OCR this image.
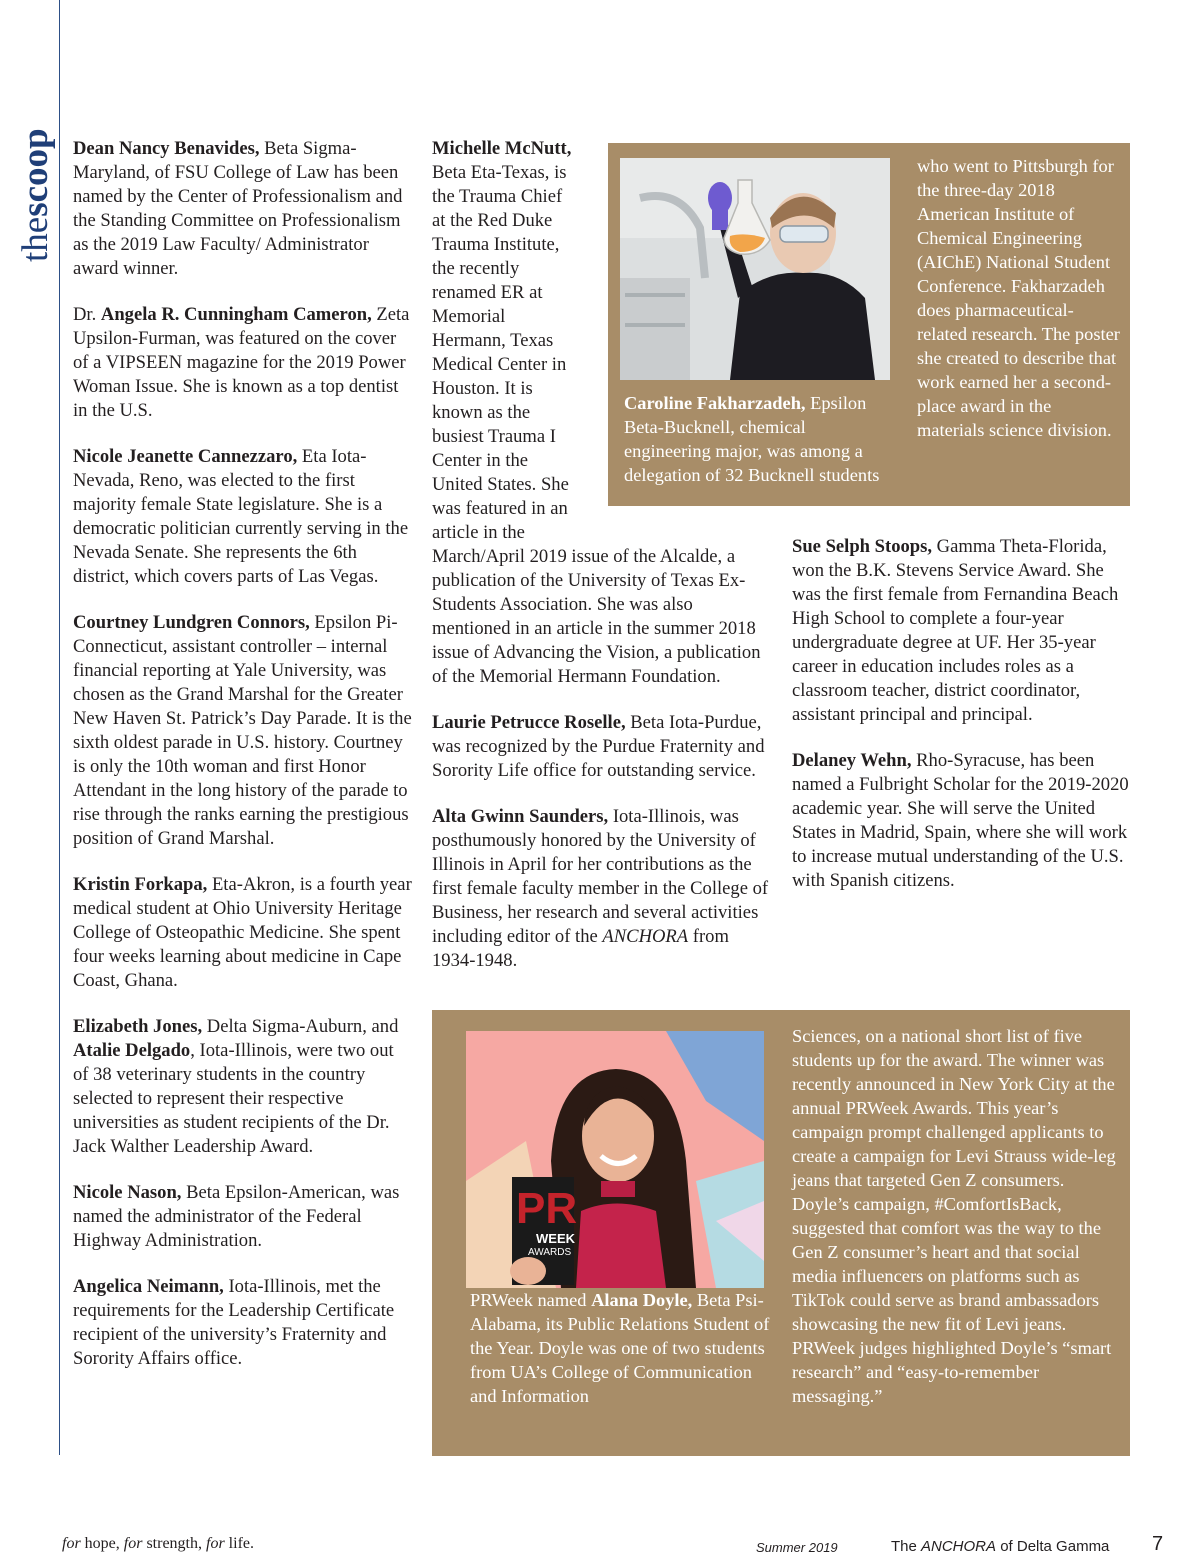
thescoop Dean Nancy Benavides, Beta Sigma-Maryland, of FSU College of Law has been named by the Center of Professionalism and the Standing Committee on Professionalism as the 2019 Law Faculty/ Administrator award winner.

Dr. Angela R. Cunningham Cameron, Zeta Upsilon-Furman, was featured on the cover of a VIPSEEN magazine for the 2019 Power Woman Issue. She is known as a top dentist in the U.S.

Nicole Jeanette Cannezzaro, Eta Iota-Nevada, Reno, was elected to the first majority female State legislature. She is a democratic politician currently serving in the Nevada Senate. She represents the 6th district, which covers parts of Las Vegas.

Courtney Lundgren Connors, Epsilon Pi-Connecticut, assistant controller – internal financial reporting at Yale University, was chosen as the Grand Marshal for the Greater New Haven St. Patrick’s Day Parade. It is the sixth oldest parade in U.S. history. Courtney is only the 10th woman and first Honor Attendant in the long history of the parade to rise through the ranks earning the prestigious position of Grand Marshal.

Kristin Forkapa, Eta-Akron, is a fourth year medical student at Ohio University Heritage College of Osteopathic Medicine. She spent four weeks learning about medicine in Cape Coast, Ghana.

Elizabeth Jones, Delta Sigma-Auburn, and Atalie Delgado, Iota-Illinois, were two out of 38 veterinary students in the country selected to represent their respective universities as student recipients of the Dr. Jack Walther Leadership Award.

Nicole Nason, Beta Epsilon-American, was named the administrator of the Federal Highway Administration.

Angelica Neimann, Iota-Illinois, met the requirements for the Leadership Certificate recipient of the university’s Fraternity and Sorority Affairs office.

Michelle McNutt, Beta Eta-Texas, is the Trauma Chief at the Red Duke Trauma Institute, the recently renamed ER at Memorial Hermann, Texas Medical Center in Houston. It is known as the busiest Trauma I Center in the United States. She was featured in an article in the
March/April 2019 issue of the Alcalde, a publication of the University of Texas Ex-Students Association. She was also mentioned in an article in the summer 2018 issue of Advancing the Vision, a publication of the Memorial Hermann Foundation.

Laurie Petrucce Roselle, Beta Iota-Purdue, was recognized by the Purdue Fraternity and Sorority Life office for outstanding service.

Alta Gwinn Saunders, Iota-Illinois, was posthumously honored by the University of Illinois in April for her contributions as the first female faculty member in the College of Business, her research and several activities including editor of the ANCHORA from 1934-1948.

Sue Selph Stoops, Gamma Theta-Florida, won the B.K. Stevens Service Award. She was the first female from Fernandina Beach High School to complete a four-year undergraduate degree at UF. Her 35-year career in education includes roles as a classroom teacher, district coordinator, assistant principal and principal.

Delaney Wehn, Rho-Syracuse, has been named a Fulbright Scholar for the 2019-2020 academic year. She will serve the United States in Madrid, Spain, where she will work to increase mutual understanding of the U.S. with Spanish citizens.

Caroline Fakharzadeh, Epsilon Beta-Bucknell, chemical engineering major, was among a delegation of 32 Bucknell students
who went to Pittsburgh for the three-day 2018 American Institute of Chemical Engineering (AIChE) National Student Conference. Fakharzadeh does pharmaceutical-related research. The poster she created to describe that work earned her a second-place award in the materials science division.
PR
WEEK
AWARDS
PRWeek named Alana Doyle, Beta Psi-Alabama, its Public Relations Student of the Year. Doyle was one of two students from UA’s College of Communication and Information
Sciences, on a national short list of five students up for the award. The winner was recently announced in New York City at the annual PRWeek Awards. This year’s campaign prompt challenged applicants to create a campaign for Levi Strauss wide-leg jeans that targeted Gen Z consumers. Doyle’s campaign, #ComfortIsBack, suggested that comfort was the way to the Gen Z consumer’s heart and that social media influencers on platforms such as TikTok could serve as brand ambassadors showcasing the new fit of Levi jeans. PRWeek judges highlighted Doyle’s “smart research” and “easy-to-remember messaging.”
for hope, for strength, for life.	Summer 2019	The ANCHORA of Delta Gamma 7
